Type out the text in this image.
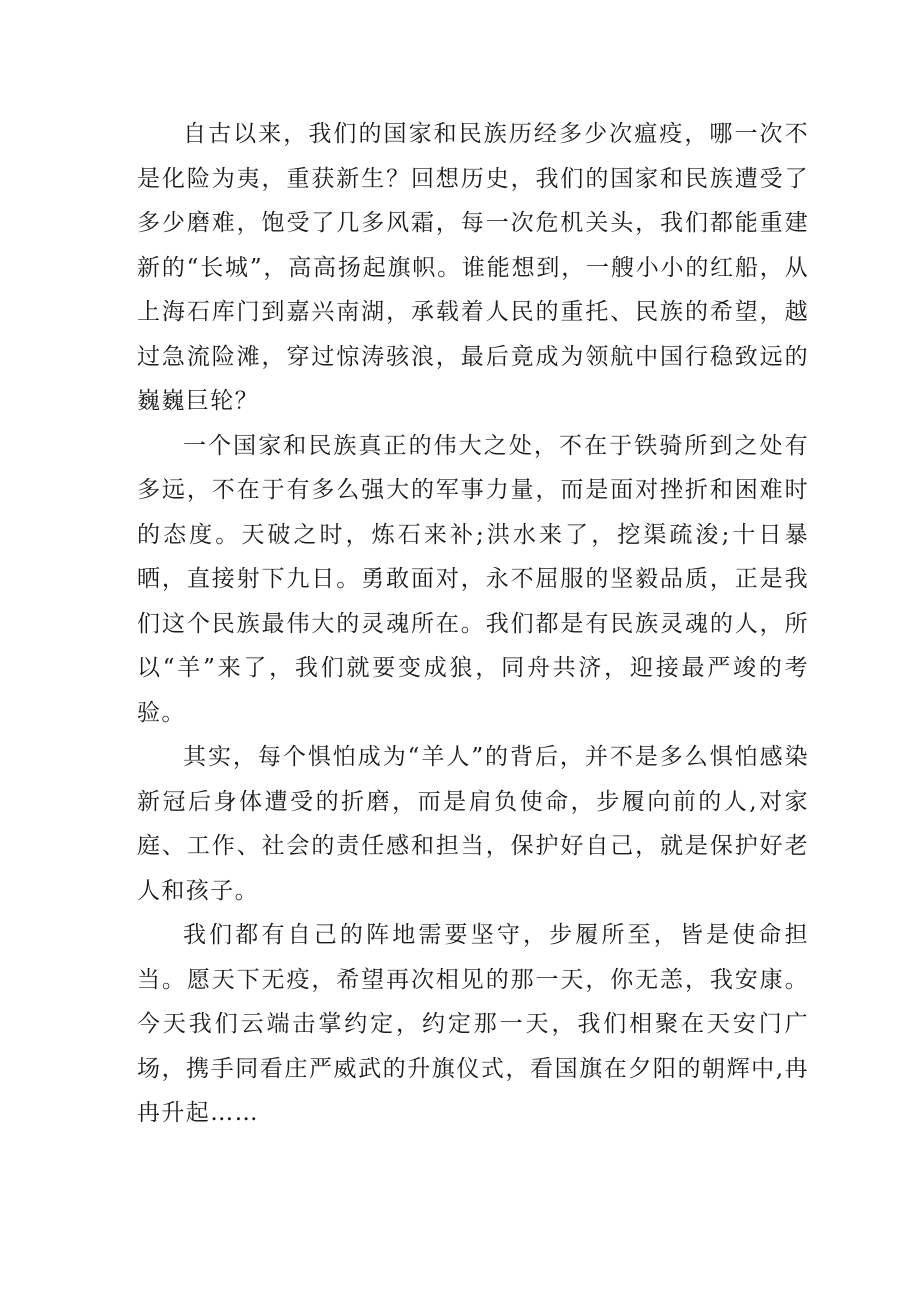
自古以来，我们的国家和民族历经多少次瘟疫，哪一次不是化险为夷，重获新生？回想历史，我们的国家和民族遭受了多少磨难，饱受了几多风霜，每一次危机关头，我们都能重建新的“长城”，高高扬起旗帜。谁能想到，一艘小小的红船，从上海石库门到嘉兴南湖，承载着人民的重托、民族的希望，越过急流险滩，穿过惊涛骇浪，最后竟成为领航中国行稳致远的巍巍巨轮？

一个国家和民族真正的伟大之处，不在于铁骑所到之处有多远，不在于有多么强大的军事力量，而是面对挫折和困难时的态度。天破之时，炼石来补;洪水来了，挖渠疏浚;十日暴晒，直接射下九日。勇敢面对，永不屈服的坚毅品质，正是我们这个民族最伟大的灵魂所在。我们都是有民族灵魂的人，所以“羊”来了，我们就要变成狼，同舟共济，迎接最严竣的考验。

其实，每个惧怕成为“羊人”的背后，并不是多么惧怕感染新冠后身体遭受的折磨，而是肩负使命，步履向前的人,对家庭、工作、社会的责任感和担当，保护好自己，就是保护好老人和孩子。

我们都有自己的阵地需要坚守，步履所至，皆是使命担当。愿天下无疫，希望再次相见的那一天，你无恙，我安康。今天我们云端击掌约定，约定那一天，我们相聚在天安门广场，携手同看庄严威武的升旗仪式，看国旗在夕阳的朝辉中,冉冉升起……
